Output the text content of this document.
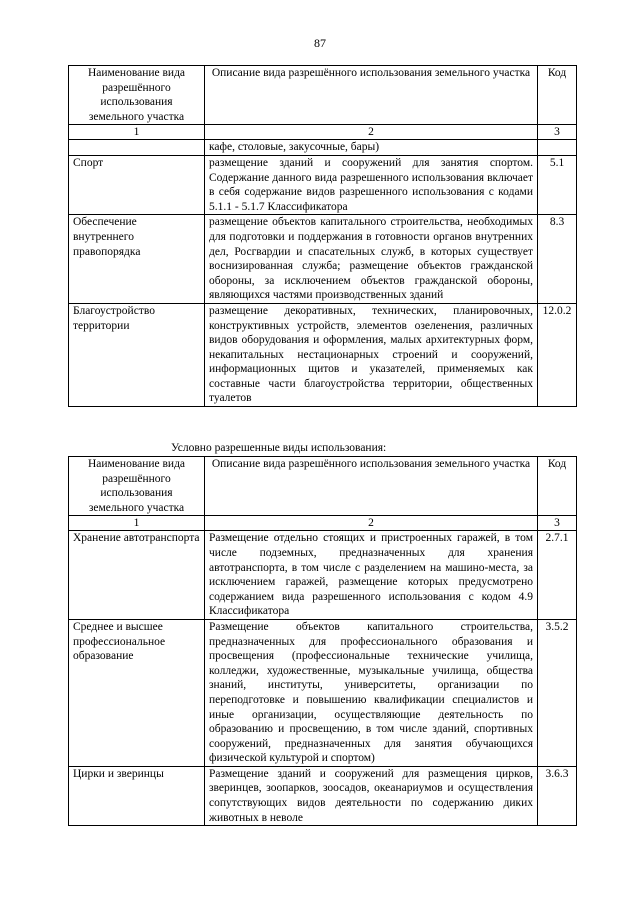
87
Наименование вида разрешённого использования земельного участка	Описание вида разрешённого использования земельного участка	Код
1	2	3
	кафе, столовые, закусочные, бары)	
Спорт	размещение зданий и сооружений для занятия спортом. Содержание данного вида разрешенного использования включает в себя содержание видов разрешенного использования с кодами 5.1.1 - 5.1.7 Классификатора	5.1
Обеспечение внутреннего правопорядка	размещение объектов капитального строительства, необходимых для подготовки и поддержания в готовности органов внутренних дел, Росгвардии и спасательных служб, в которых существует воснизированная служба; размещение объектов гражданской обороны, за исключением объектов гражданской обороны, являющихся частями производственных зданий	8.3
Благоустройство территории	размещение декоративных, технических, планировочных, конструктивных устройств, элементов озеленения, различных видов оборудования и оформления, малых архитектурных форм, некапитальных нестационарных строений и сооружений, информационных щитов и указателей, применяемых как составные части благоустройства территории, общественных туалетов	12.0.2
Условно разрешенные виды использования:
Наименование вида разрешённого использования земельного участка	Описание вида разрешённого использования земельного участка	Код
1	2	3
Хранение автотранспорта	Размещение отдельно стоящих и пристроенных гаражей, в том числе подземных, предназначенных для хранения автотранспорта, в том числе с разделением на машино-места, за исключением гаражей, размещение которых предусмотрено содержанием вида разрешенного использования с кодом 4.9 Классификатора	2.7.1
Среднее и высшее профессиональное образование	Размещение объектов капитального строительства, предназначенных для профессионального образования и просвещения (профессиональные технические училища, колледжи, художественные, музыкальные училища, общества знаний, институты, университеты, организации по переподготовке и повышению квалификации специалистов и иные организации, осуществляющие деятельность по образованию и просвещению, в том числе зданий, спортивных сооружений, предназначенных для занятия обучающихся физической культурой и спортом)	3.5.2
Цирки и зверинцы	Размещение зданий и сооружений для размещения цирков, зверинцев, зоопарков, зоосадов, океанариумов и осуществления сопутствующих видов деятельности по содержанию диких животных в неволе	3.6.3
